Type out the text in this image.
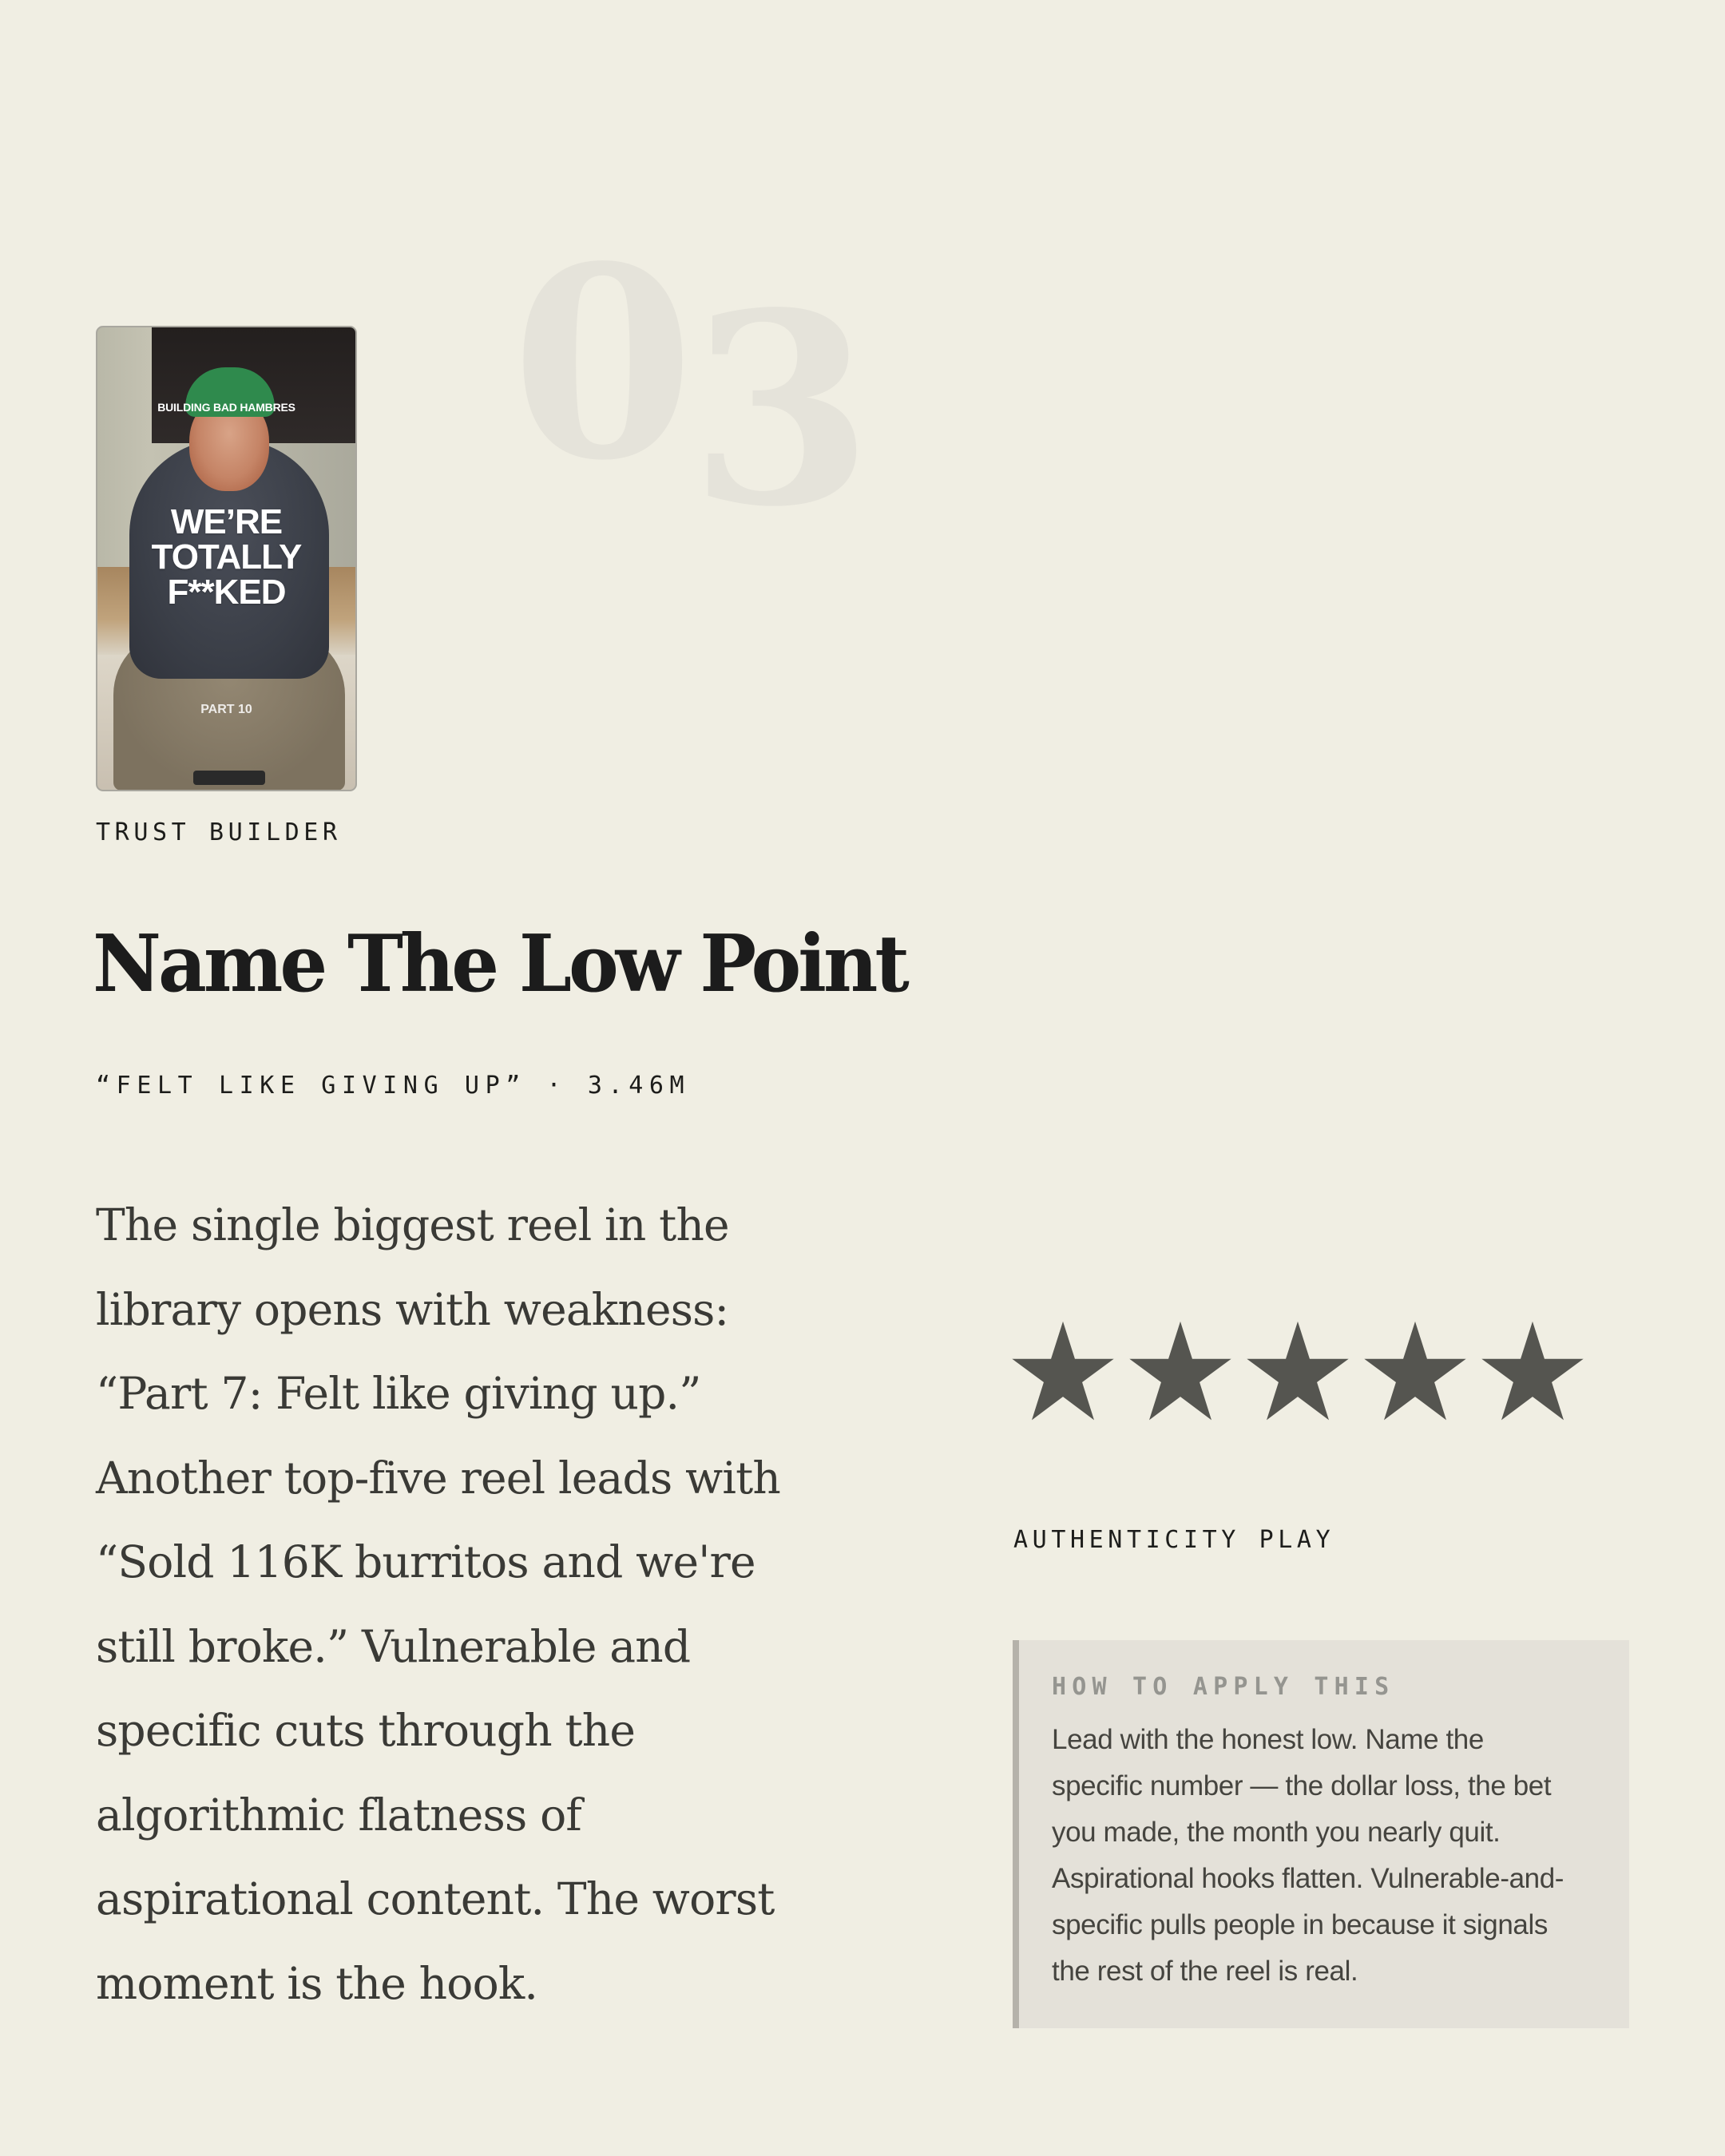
03
BUILDING BAD HAMBRES
WE’RE
TOTALLY
F**KED
PART 10
TRUST BUILDER
Name The Low Point
“FELT LIKE GIVING UP” · 3.46M
The single biggest reel in the
library opens with weakness:
“Part 7: Felt like giving up.”
Another top-five reel leads with
“Sold 116K burritos and we're
still broke.” Vulnerable and
specific cuts through the
algorithmic flatness of
aspirational content. The worst
moment is the hook.
AUTHENTICITY PLAY
HOW TO APPLY THIS
Lead with the honest low. Name the
specific number — the dollar loss, the bet
you made, the month you nearly quit.
Aspirational hooks flatten. Vulnerable-and-
specific pulls people in because it signals
the rest of the reel is real.
